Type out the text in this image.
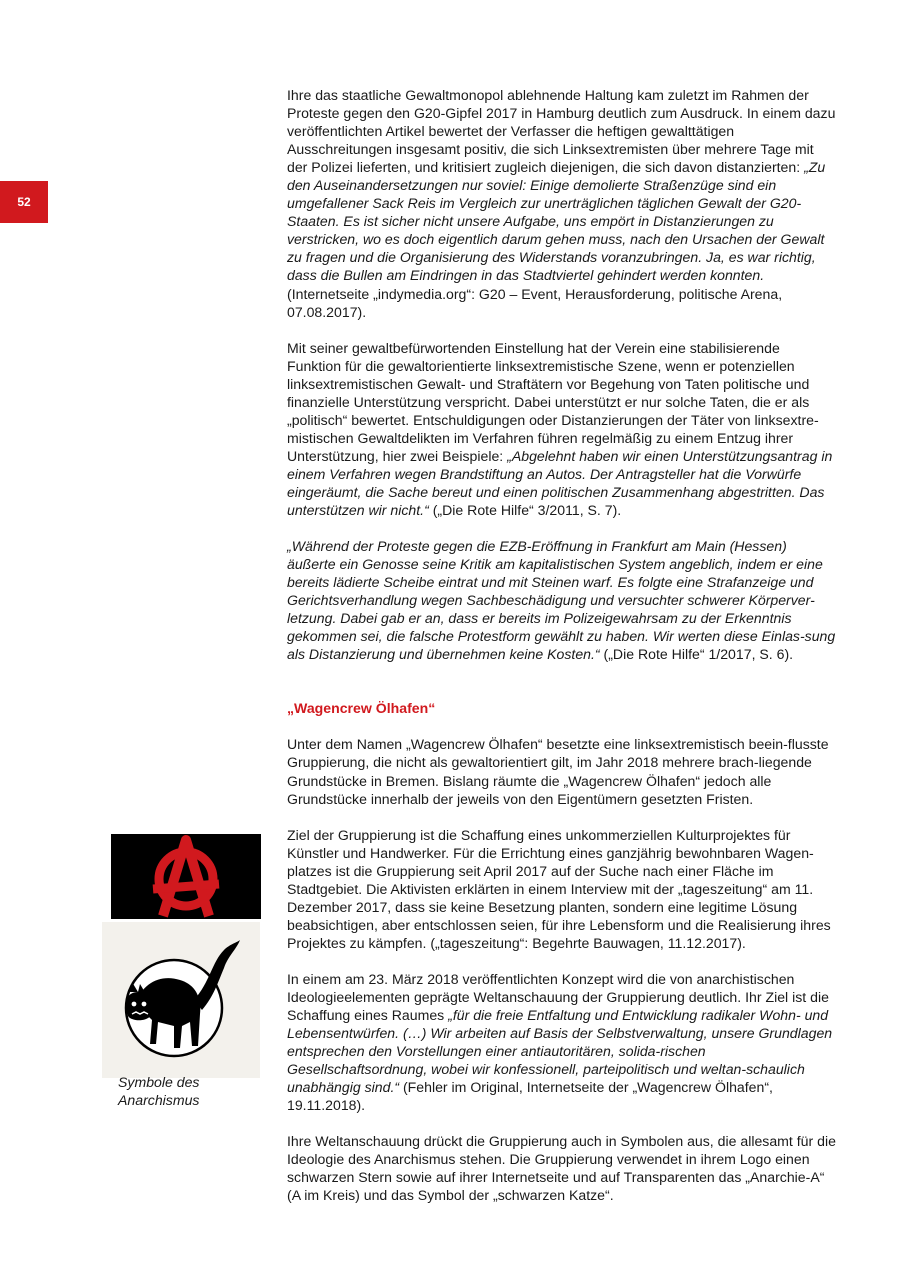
52

Ihre das staatliche Gewaltmonopol ablehnende Haltung kam zuletzt im Rahmen der Proteste gegen den G20-Gipfel 2017 in Hamburg deutlich zum Ausdruck. In einem dazu veröffentlichten Artikel bewertet der Verfasser die heftigen gewalttätigen Ausschreitungen insgesamt positiv, die sich Linksextremisten über mehrere Tage mit der Polizei lieferten, und kritisiert zugleich diejenigen, die sich davon distanzierten: „Zu den Auseinandersetzungen nur soviel: Einige demolierte Straßenzüge sind ein umgefallener Sack Reis im Vergleich zur unerträglichen täglichen Gewalt der G20-Staaten. Es ist sicher nicht unsere Aufgabe, uns empört in Distanzierungen zu verstricken, wo es doch eigentlich darum gehen muss, nach den Ursachen der Gewalt zu fragen und die Organisierung des Widerstands voranzubringen. Ja, es war richtig, dass die Bullen am Eindringen in das Stadtviertel gehindert werden konnten. (Internetseite „indymedia.org“: G20 – Event, Herausforderung, politische Arena, 07.08.2017).

Mit seiner gewaltbefürwortenden Einstellung hat der Verein eine stabilisierende Funktion für die gewaltorientierte linksextremistische Szene, wenn er potenziellen linksextremistischen Gewalt- und Straftätern vor Begehung von Taten politische und finanzielle Unterstützung verspricht. Dabei unterstützt er nur solche Taten, die er als „politisch“ bewertet. Entschuldigungen oder Distanzierungen der Täter von linksextre-mistischen Gewaltdelikten im Verfahren führen regelmäßig zu einem Entzug ihrer Unterstützung, hier zwei Beispiele: „Abgelehnt haben wir einen Unterstützungsantrag in einem Verfahren wegen Brandstiftung an Autos. Der Antragsteller hat die Vorwürfe eingeräumt, die Sache bereut und einen politischen Zusammenhang abgestritten. Das unterstützen wir nicht.“ („Die Rote Hilfe“ 3/2011, S. 7).

„Während der Proteste gegen die EZB-Eröffnung in Frankfurt am Main (Hessen) äußerte ein Genosse seine Kritik am kapitalistischen System angeblich, indem er eine bereits lädierte Scheibe eintrat und mit Steinen warf. Es folgte eine Strafanzeige und Gerichtsverhandlung wegen Sachbeschädigung und versuchter schwerer Körperver-letzung. Dabei gab er an, dass er bereits im Polizeigewahrsam zu der Erkenntnis gekommen sei, die falsche Protestform gewählt zu haben. Wir werten diese Einlas-sung als Distanzierung und übernehmen keine Kosten.“ („Die Rote Hilfe“ 1/2017, S. 6).

„Wagencrew Ölhafen“

Unter dem Namen „Wagencrew Ölhafen“ besetzte eine linksextremistisch beein-flusste Gruppierung, die nicht als gewaltorientiert gilt, im Jahr 2018 mehrere brach-liegende Grundstücke in Bremen. Bislang räumte die „Wagencrew Ölhafen“ jedoch alle Grundstücke innerhalb der jeweils von den Eigentümern gesetzten Fristen.

Ziel der Gruppierung ist die Schaffung eines unkommerziellen Kulturprojektes für Künstler und Handwerker. Für die Errichtung eines ganzjährig bewohnbaren Wagen-platzes ist die Gruppierung seit April 2017 auf der Suche nach einer Fläche im Stadtgebiet. Die Aktivisten erklärten in einem Interview mit der „tageszeitung“ am 11. Dezember 2017, dass sie keine Besetzung planten, sondern eine legitime Lösung beabsichtigen, aber entschlossen seien, für ihre Lebensform und die Realisierung ihres Projektes zu kämpfen. („tageszeitung“: Begehrte Bauwagen, 11.12.2017).

In einem am 23. März 2018 veröffentlichten Konzept wird die von anarchistischen Ideologieelementen geprägte Weltanschauung der Gruppierung deutlich. Ihr Ziel ist die Schaffung eines Raumes „für die freie Entfaltung und Entwicklung radikaler Wohn- und Lebensentwürfen. (…) Wir arbeiten auf Basis der Selbstverwaltung, unsere Grundlagen entsprechen den Vorstellungen einer antiautoritären, solida-rischen Gesellschaftsordnung, wobei wir konfessionell, parteipolitisch und weltan-schaulich unabhängig sind.“ (Fehler im Original, Internetseite der „Wagencrew Ölhafen“, 19.11.2018).

Ihre Weltanschauung drückt die Gruppierung auch in Symbolen aus, die allesamt für die Ideologie des Anarchismus stehen. Die Gruppierung verwendet in ihrem Logo einen schwarzen Stern sowie auf ihrer Internetseite und auf Transparenten das „Anarchie-A“ (A im Kreis) und das Symbol der „schwarzen Katze“.

Symbole des Anarchismus
